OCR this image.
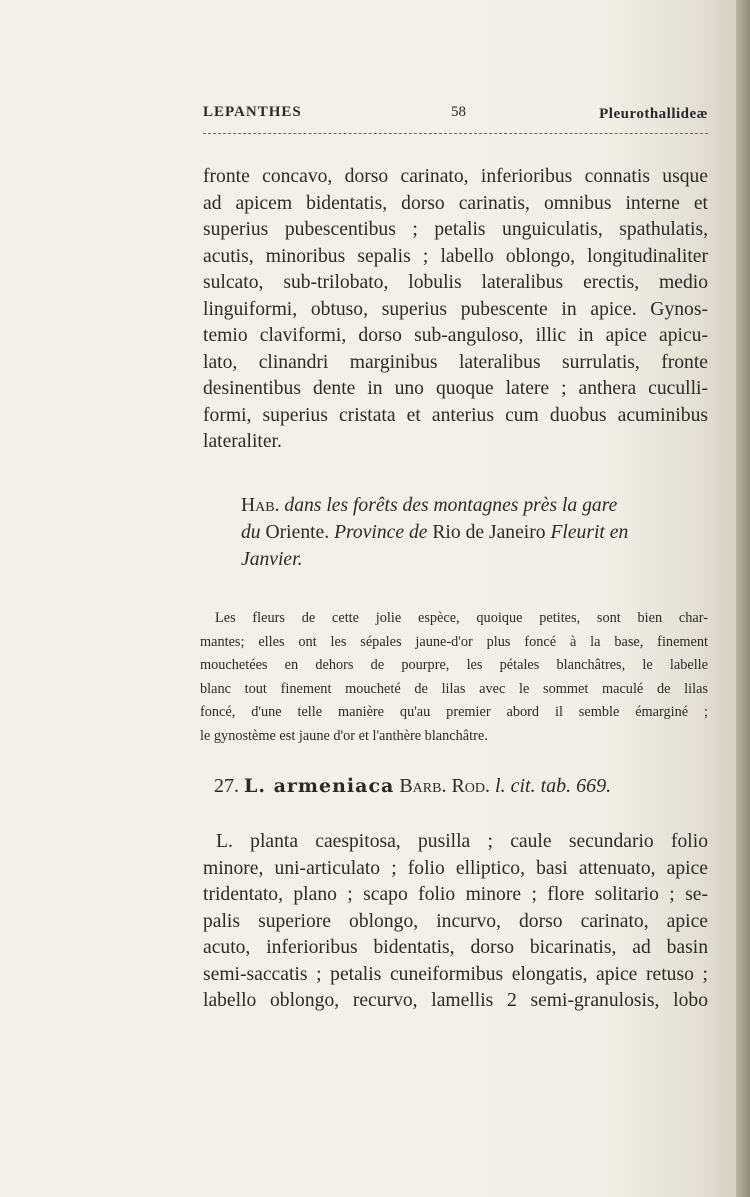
LEPANTHES	58	Pleurothallideæ
fronte concavo, dorso carinato, inferioribus connatis usque
ad apicem bidentatis, dorso carinatis, omnibus interne et
superius pubescentibus ; petalis unguiculatis, spathulatis,
acutis, minoribus sepalis ; labello oblongo, longitudinaliter
sulcato, sub-trilobato, lobulis lateralibus erectis, medio
linguiformi, obtuso, superius pubescente in apice. Gynos-
temio claviformi, dorso sub-anguloso, illic in apice apicu-
lato, clinandri marginibus lateralibus surrulatis, fronte
desinentibus dente in uno quoque latere ; anthera cuculli-
formi, superius cristata et anterius cum duobus acuminibus
lateraliter.
Hab. dans les forêts des montagnes près la gare
du Oriente. Province de Rio de Janeiro Fleurit en
Janvier.
Les fleurs de cette jolie espèce, quoique petites, sont bien char-
mantes; elles ont les sépales jaune-d'or plus foncé à la base, finement
mouchetées en dehors de pourpre, les pétales blanchâtres, le labelle
blanc tout finement moucheté de lilas avec le sommet maculé de lilas
foncé, d'une telle manière qu'au premier abord il semble émarginé ;
le gynostème est jaune d'or et l'anthère blanchâtre.
27. L. armeniaca Barb. Rod. l. cit. tab. 669.
L. planta caespitosa, pusilla ; caule secundario folio
minore, uni-articulato ; folio elliptico, basi attenuato, apice
tridentato, plano ; scapo folio minore ; flore solitario ; se-
palis superiore oblongo, incurvo, dorso carinato, apice
acuto, inferioribus bidentatis, dorso bicarinatis, ad basin
semi-saccatis ; petalis cuneiformibus elongatis, apice retuso ;
labello oblongo, recurvo, lamellis 2 semi-granulosis, lobo
